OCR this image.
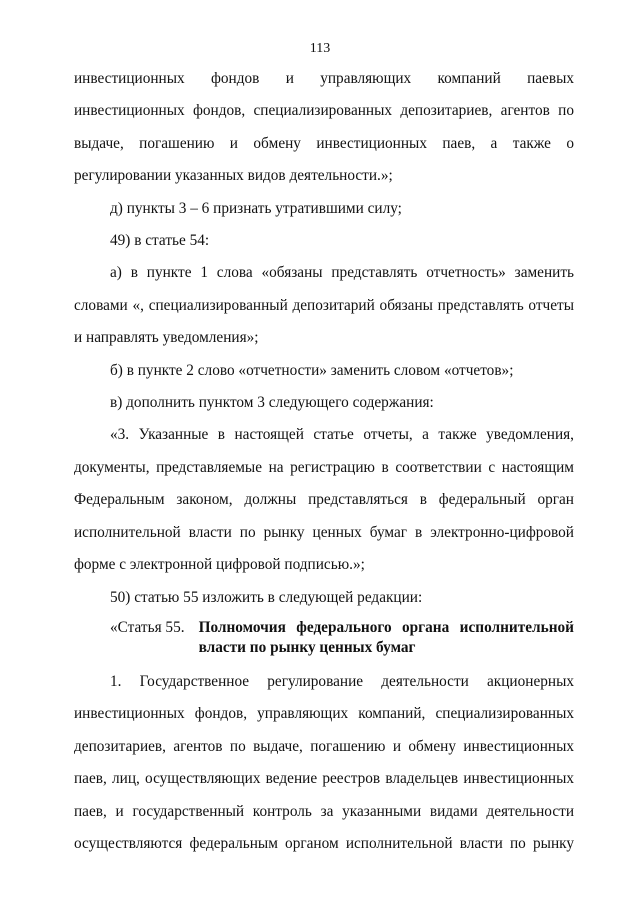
113

инвестиционных фондов и управляющих компаний паевых инвестиционных фондов, специализированных депозитариев, агентов по выдаче, погашению и обмену инвестиционных паев, а также о регулировании указанных видов деятельности.»;

д) пункты 3 – 6 признать утратившими силу;

49) в статье 54:

а) в пункте 1 слова «обязаны представлять отчетность» заменить словами «, специализированный депозитарий обязаны представлять отчеты и направлять уведомления»;

б) в пункте 2 слово «отчетности» заменить словом «отчетов»;

в) дополнить пунктом 3 следующего содержания:

«3. Указанные в настоящей статье отчеты, а также уведомления, документы, представляемые на регистрацию в соответствии с настоящим Федеральным законом, должны представляться в федеральный орган исполнительной власти по рынку ценных бумаг в электронно-цифровой форме с электронной цифровой подписью.»;

50) статью 55 изложить в следующей редакции:

«Статья 55. Полномочия федерального органа исполнительной власти по рынку ценных бумаг

1. Государственное регулирование деятельности акционерных инвестиционных фондов, управляющих компаний, специализированных депозитариев, агентов по выдаче, погашению и обмену инвестиционных паев, лиц, осуществляющих ведение реестров владельцев инвестиционных паев, и государственный контроль за указанными видами деятельности осуществляются федеральным органом исполнительной власти по рынку
